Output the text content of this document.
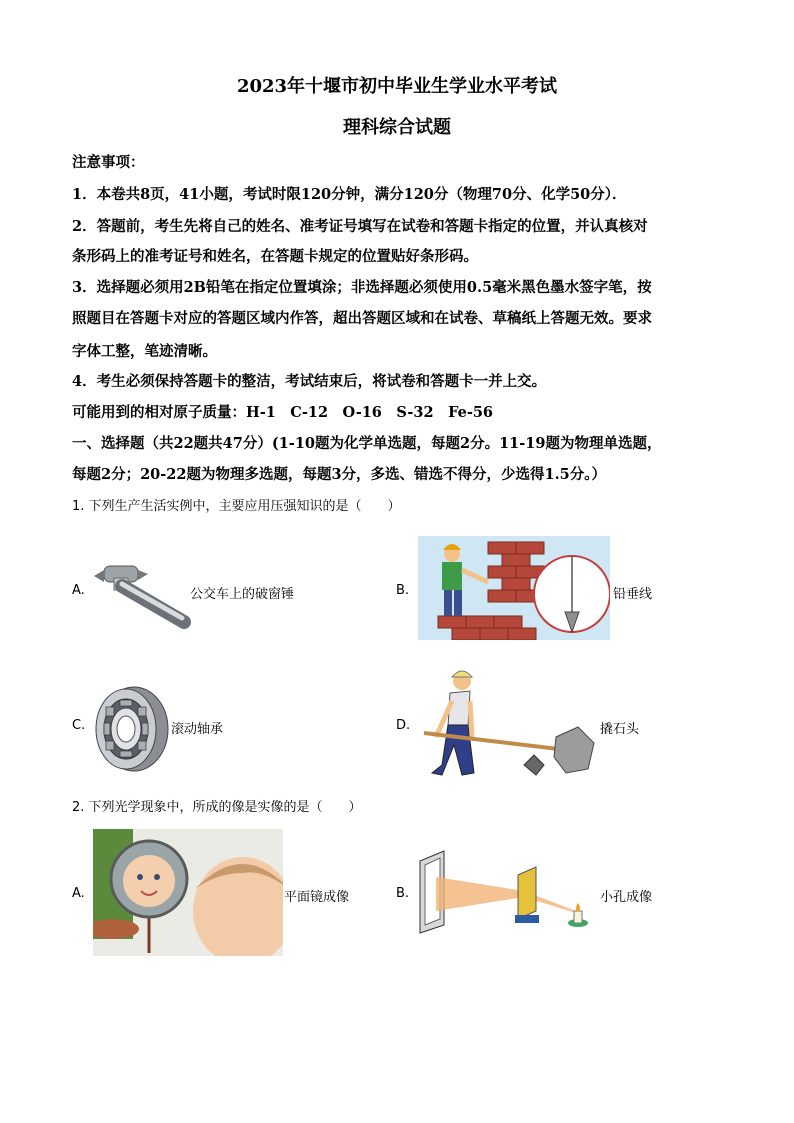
2023年十堰市初中毕业生学业水平考试
理科综合试题
注意事项：
1．本卷共8页，41小题，考试时限120分钟，满分120分（物理70分、化学50分）．
2．答题前，考生先将自己的姓名、准考证号填写在试卷和答题卡指定的位置，并认真核对
条形码上的准考证号和姓名，在答题卡规定的位置贴好条形码。
3．选择题必须用2B铅笔在指定位置填涂；非选择题必须使用0.5毫米黑色墨水签字笔，按
照题目在答题卡对应的答题区域内作答，超出答题区域和在试卷、草稿纸上答题无效。要求
字体工整，笔迹清晰。
4．考生必须保持答题卡的整洁，考试结束后，将试卷和答题卡一并上交。
可能用到的相对原子质量：H-1　C-12　O-16　S-32　Fe-56
一、选择题（共22题共47分）(1-10题为化学单选题，每题2分。11-19题为物理单选题，
每题2分；20-22题为物理多选题，每题3分，多选、错选不得分，少选得1.5分。）
1. 下列生产生活实例中，主要应用压强知识的是（　　）
A.	公交车上的破窗锤	B.	铅垂线
C.	滚动轴承	D.	撬石头
2. 下列光学现象中，所成的像是实像的是（　　）
A.	平面镜成像	B.	小孔成像
